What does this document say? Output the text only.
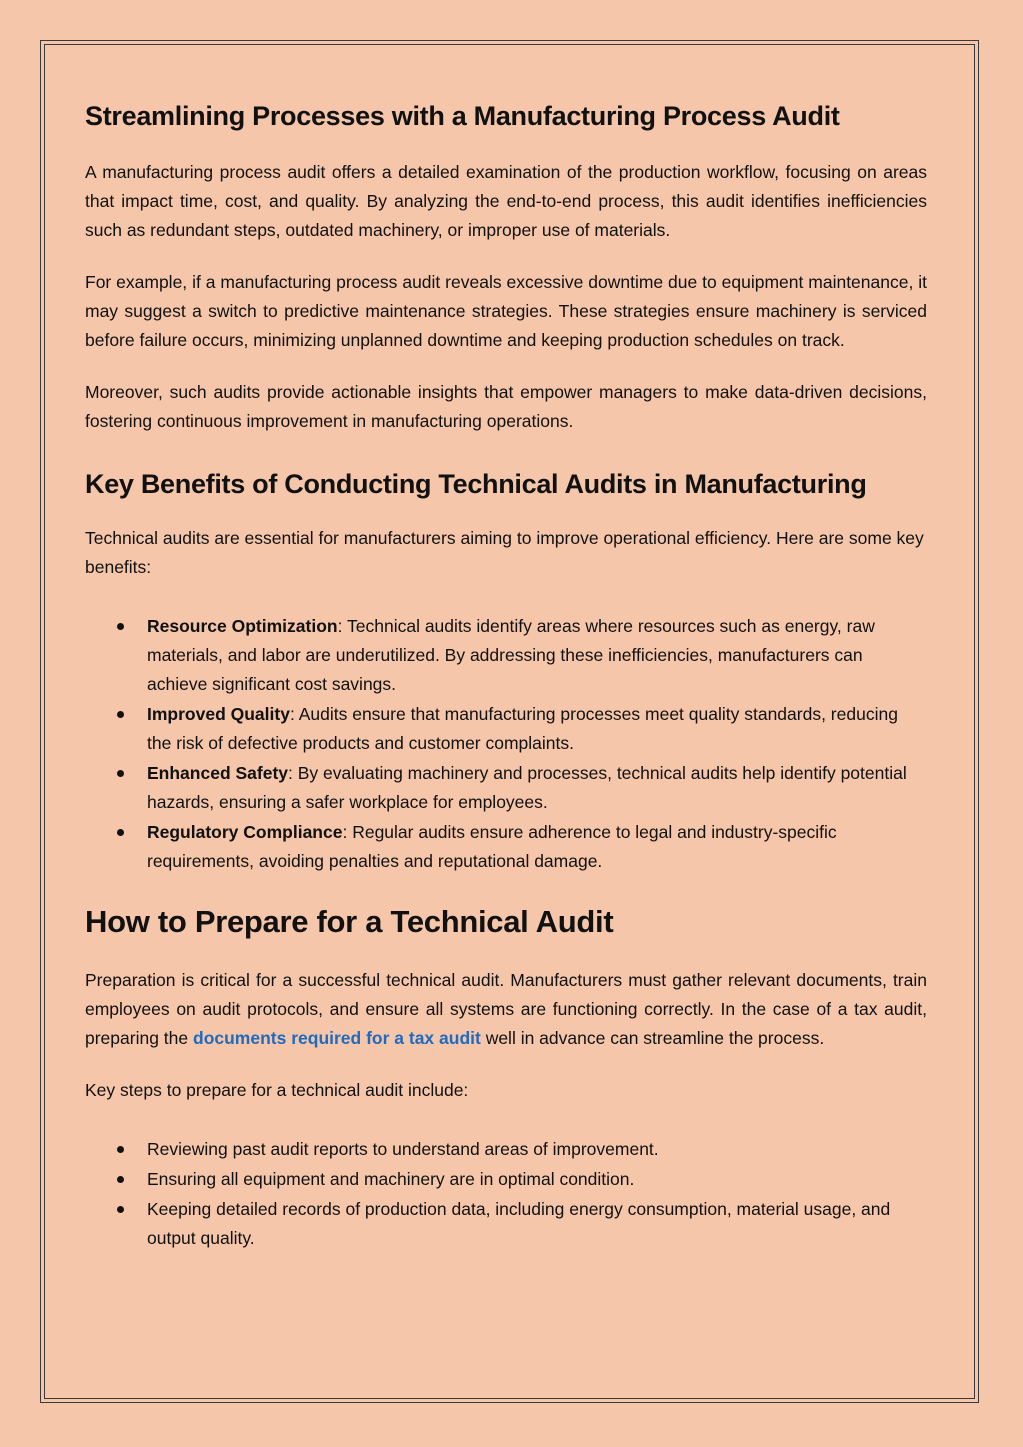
Streamlining Processes with a Manufacturing Process Audit

A manufacturing process audit offers a detailed examination of the production workflow, focusing on areas that impact time, cost, and quality. By analyzing the end-to-end process, this audit identifies inefficiencies such as redundant steps, outdated machinery, or improper use of materials.

For example, if a manufacturing process audit reveals excessive downtime due to equipment maintenance, it may suggest a switch to predictive maintenance strategies. These strategies ensure machinery is serviced before failure occurs, minimizing unplanned downtime and keeping production schedules on track.

Moreover, such audits provide actionable insights that empower managers to make data-driven decisions, fostering continuous improvement in manufacturing operations.

Key Benefits of Conducting Technical Audits in Manufacturing

Technical audits are essential for manufacturers aiming to improve operational efficiency. Here are some key benefits:

Resource Optimization: Technical audits identify areas where resources such as energy, raw materials, and labor are underutilized. By addressing these inefficiencies, manufacturers can achieve significant cost savings.
Improved Quality: Audits ensure that manufacturing processes meet quality standards, reducing the risk of defective products and customer complaints.
Enhanced Safety: By evaluating machinery and processes, technical audits help identify potential hazards, ensuring a safer workplace for employees.
Regulatory Compliance: Regular audits ensure adherence to legal and industry-specific requirements, avoiding penalties and reputational damage.
How to Prepare for a Technical Audit

Preparation is critical for a successful technical audit. Manufacturers must gather relevant documents, train employees on audit protocols, and ensure all systems are functioning correctly. In the case of a tax audit, preparing the documents required for a tax audit well in advance can streamline the process.

Key steps to prepare for a technical audit include:

Reviewing past audit reports to understand areas of improvement.
Ensuring all equipment and machinery are in optimal condition.
Keeping detailed records of production data, including energy consumption, material usage, and output quality.
